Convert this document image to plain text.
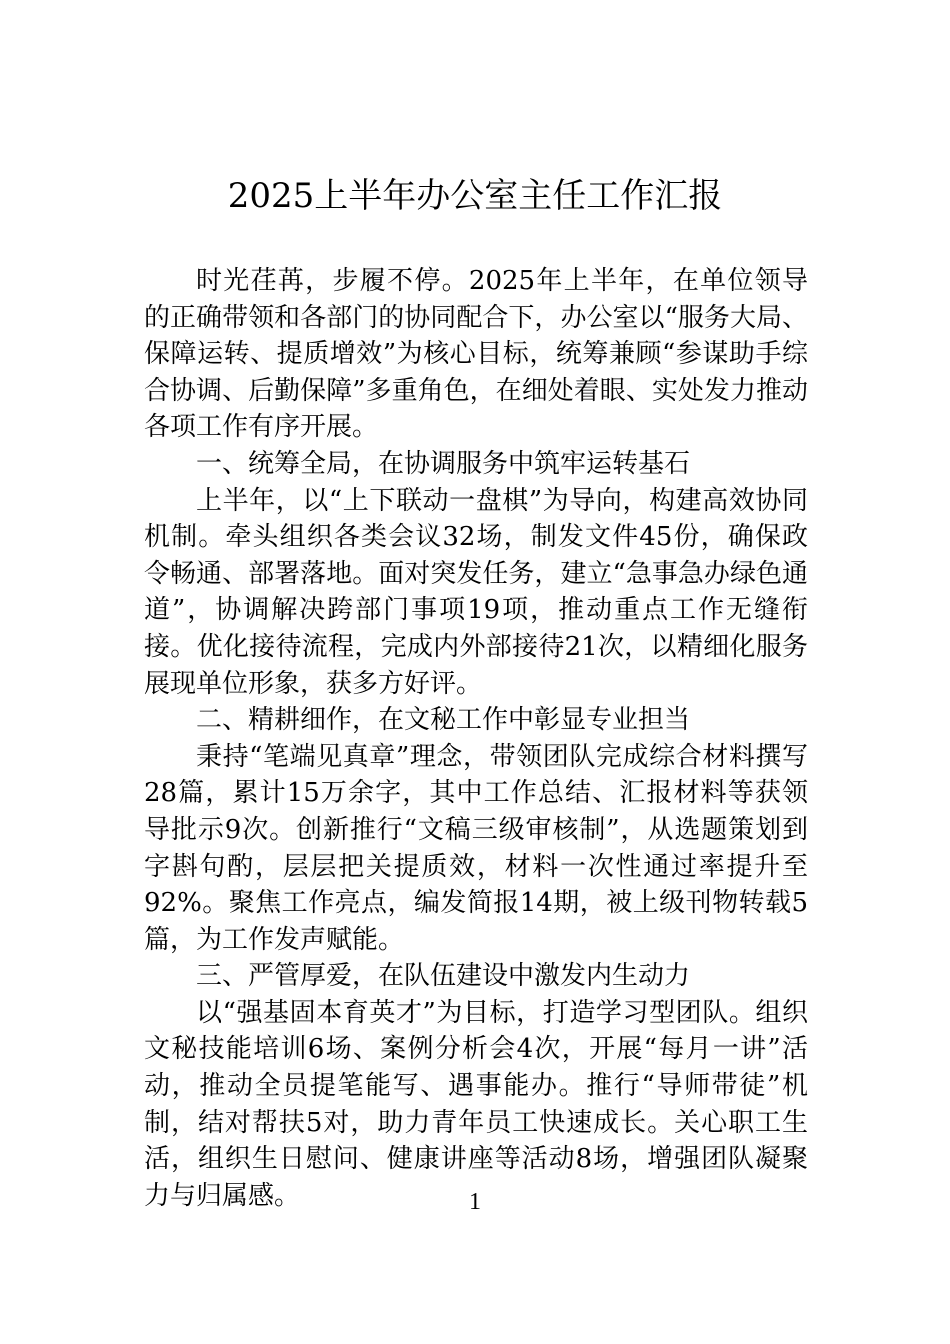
2025上半年办公室主任工作汇报

时光荏苒，步履不停。2025年上半年，在单位领导的正确带领和各部门的协同配合下，办公室以“服务大局、保障运转、提质增效”为核心目标，统筹兼顾“参谋助手综合协调、后勤保障”多重角色，在细处着眼、实处发力推动各项工作有序开展。

一、统筹全局，在协调服务中筑牢运转基石

上半年，以“上下联动一盘棋”为导向，构建高效协同机制。牵头组织各类会议32场，制发文件45份，确保政令畅通、部署落地。面对突发任务，建立“急事急办绿色通道”，协调解决跨部门事项19项，推动重点工作无缝衔接。优化接待流程，完成内外部接待21次，以精细化服务展现单位形象，获多方好评。

二、精耕细作，在文秘工作中彰显专业担当

秉持“笔端见真章”理念，带领团队完成综合材料撰写28篇，累计15万余字，其中工作总结、汇报材料等获领导批示9次。创新推行“文稿三级审核制”，从选题策划到字斟句酌，层层把关提质效，材料一次性通过率提升至92%。聚焦工作亮点，编发简报14期，被上级刊物转载5篇，为工作发声赋能。

三、严管厚爱，在队伍建设中激发内生动力

以“强基固本育英才”为目标，打造学习型团队。组织文秘技能培训6场、案例分析会4次，开展“每月一讲”活动，推动全员提笔能写、遇事能办。推行“导师带徒”机制，结对帮扶5对，助力青年员工快速成长。关心职工生活，组织生日慰问、健康讲座等活动8场，增强团队凝聚力与归属感。	1
